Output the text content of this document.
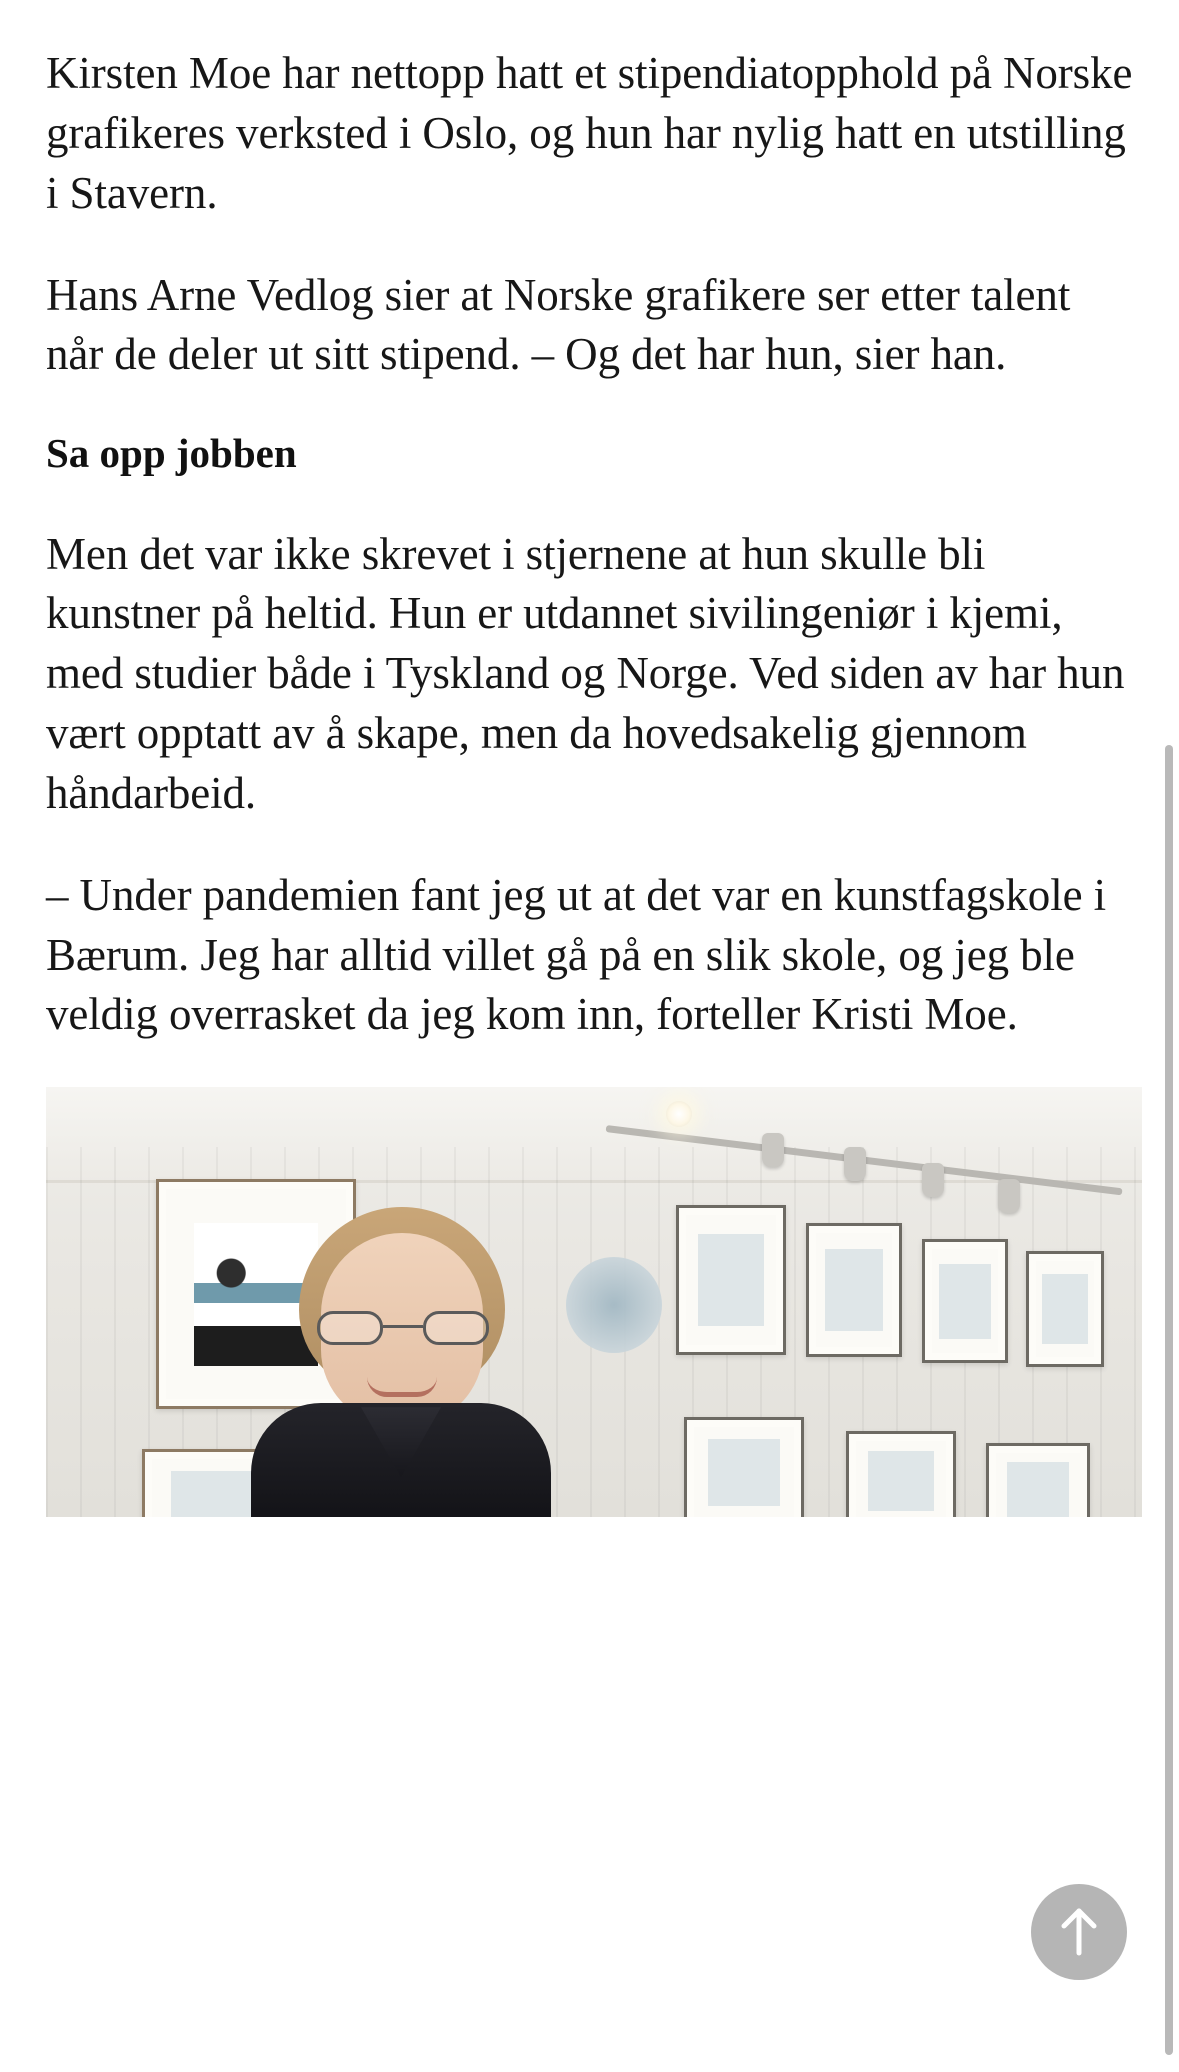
Kirsten Moe har nettopp hatt et stipendiatopphold på Norske grafikeres verksted i Oslo, og hun har nylig hatt en utstilling i Stavern.

Hans Arne Vedlog sier at Norske grafikere ser etter talent når de deler ut sitt stipend. – Og det har hun, sier han.

Sa opp jobben

Men det var ikke skrevet i stjernene at hun skulle bli kunstner på heltid. Hun er utdannet sivilingeniør i kjemi, med studier både i Tyskland og Norge. Ved siden av har hun vært opptatt av å skape, men da hovedsakelig gjennom håndarbeid.

– Under pandemien fant jeg ut at det var en kunstfagskole i Bærum. Jeg har alltid villet gå på en slik skole, og jeg ble veldig overrasket da jeg kom inn, forteller Kristi Moe.
